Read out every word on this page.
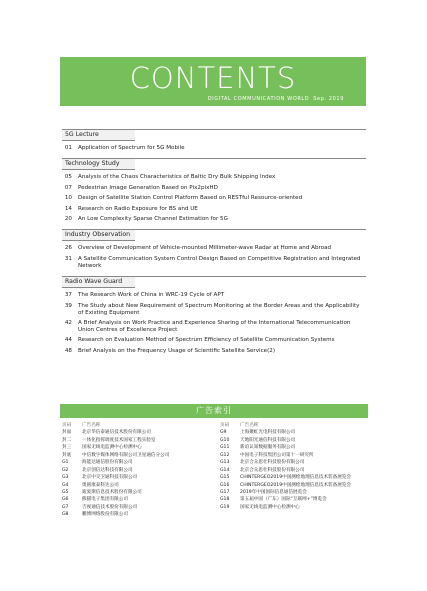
CONTENTS
DIGITAL COMMUNICATION WORLD Sep. 2019
5G Lecture
01 Application of Spectrum for 5G Mobile
Technology Study
05 Analysis of the Chaos Characteristics of Baltic Dry Bulk Shipping Index
07 Pedestrian Image Generation Based on Pix2pixHD
10 Design of Satellite Station Control Platform Based on RESTful Resource-oriented
14 Research on Radio Exposure for BS and UE
20 An Low Complexity Sparse Channel Estimation for 5G
Industry Observation
26 Overview of Development of Vehicle-mounted Millimeter-wave Radar at Home and Abroad
31 A Satellite Communication System Control Design Based on Competitive Registration and Integrated Network
Radio Wave Guard
37 The Research Work of China in WRC-19 Cycle of APT
39 The Study about New Requirement of Spectrum Monitoring at the Border Areas and the Applicability of Existing Equipment
42 A Brief Analysis on Work Practice and Experience Sharing of the International Telecommunication Union Centres of Excellence Project
44 Research on Evaluation Method of Spectrum Efficiency of Satellite Communication Systems
48 Brief Analysis on the Frequency Usage of Scientific Satellite Service(2)
广告索引
页码	广告名称
封面	北京华信泰通信技术股份有限公司
封二	一体化指挥调度技术国家工程实验室
封三	国家无线电监测中心检测中心
封底	中信数字媒体网络有限公司卫星通信分公司
G1	海能达通信股份有限公司
G2	北京创信达科技有限公司
G3	北京中交卫通科技有限公司
G4	奥圆康泰科达公司
G5	迪爱斯信息技术股份有限公司
G6	熊猫电子集团有限公司
G7	吉视通信技术股份有限公司
G8	鹏博网络股份有限公司
页码	广告名称
G9	上海聚虹光电科技有限公司
G10	天地阳光通信科技有限公司
G11	新谊认知数据服务有限公司
G12	中国电子科技集团公司第十一研究所
G13	北京合众思壮科技股份有限公司
G14	北京合众思壮科技股份有限公司
G15	CHINTERGEO2019中国测绘地理信息技术装备展览会
G16	CHINTERGEO2019中国测绘地理信息技术装备展览会
G17	2019年中国国际信息通信展览会
G18	第五届中国（广东）国际“互联网+”博览会
G19	国家无线电监测中心检测中心
